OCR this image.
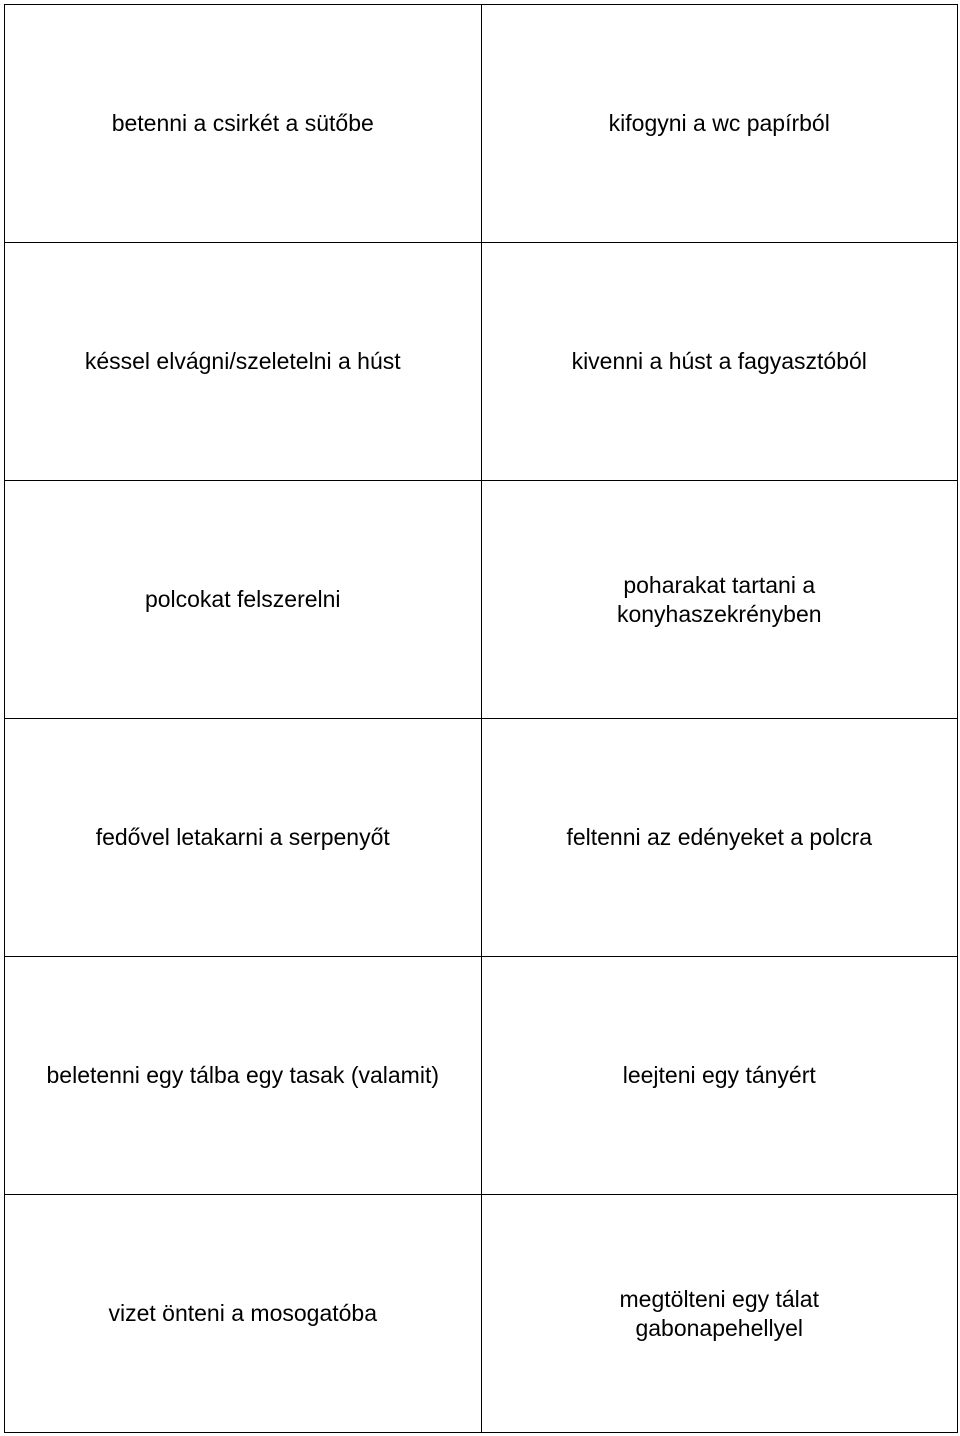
betenni a csirkét a sütőbe	kifogyni a wc papírból

késsel elvágni/szeletelni a húst	kivenni a húst a fagyasztóból

polcokat felszerelni	poharakat tartani a
konyhaszekrényben

fedővel letakarni a serpenyőt	feltenni az edényeket a polcra

beletenni egy tálba egy tasak (valamit)	leejteni egy tányért

vizet önteni a mosogatóba	megtölteni egy tálat
gabonapehellyel
